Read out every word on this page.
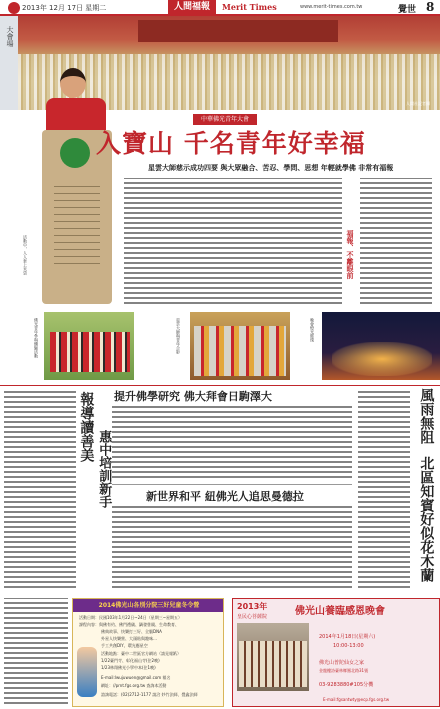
2013年 12月 17日 星期二	人間福報	Merit Times	www.merit-times.com.tw	覺世 8
大會場
人間社記者攝
活動中，人人套上米袋
中華佛光青年大會
入寶山 千名青年好幸福
星雲大師慈示成功四要 與大眾融合、苦忍、學問、思想 年輕就學佛 非常有福報
福報、不離眼前
佛光青年參與體驗活動	星雲大師與青年合影	晚會燈光璀璨
報導讀善美
惠中培訓新手
提升佛學研究 佛大拜會日駒澤大
新世界和平 紐佛光人追思曼德拉
風雨無阻
北區知賓好似花木蘭
2014佛光山各別分院三好兒童冬令營
活動日期：民國103年1月22日~24日（星期三~星期五）
課程內容：與佛有約、佛門禮儀、鍋發嘗親、生命教育、
佛典故事、快樂打三好、全腦DNA
外星人快樂營、大頭貼與趣味…
手工共創DIY、環光應星空
活動地點：臺中二世區官方網站（請見報紙）
1/22臺門寺、彰化福山寺(住2晚)
1/23林翔佛光小學中本(住1晚)
E-mail:lwujuwuen@gmail.com 報名
網址：//prnt.fgs.org.tw 查詢本活動
諮詢電話：(02)2712-1177 請洽 妙竹法師、覺鑫法師
2013年
皇民心菩薩院	佛光山養臨感恩晚會
2014年1月18日(星期六)
10:00-13:00
佛光山普陀仙女之家
金龍樓詩臺林鄉鳳北路31號
03-9283880#105分機
E-mail:fgsantwty@ecp.fgs.org.tw
